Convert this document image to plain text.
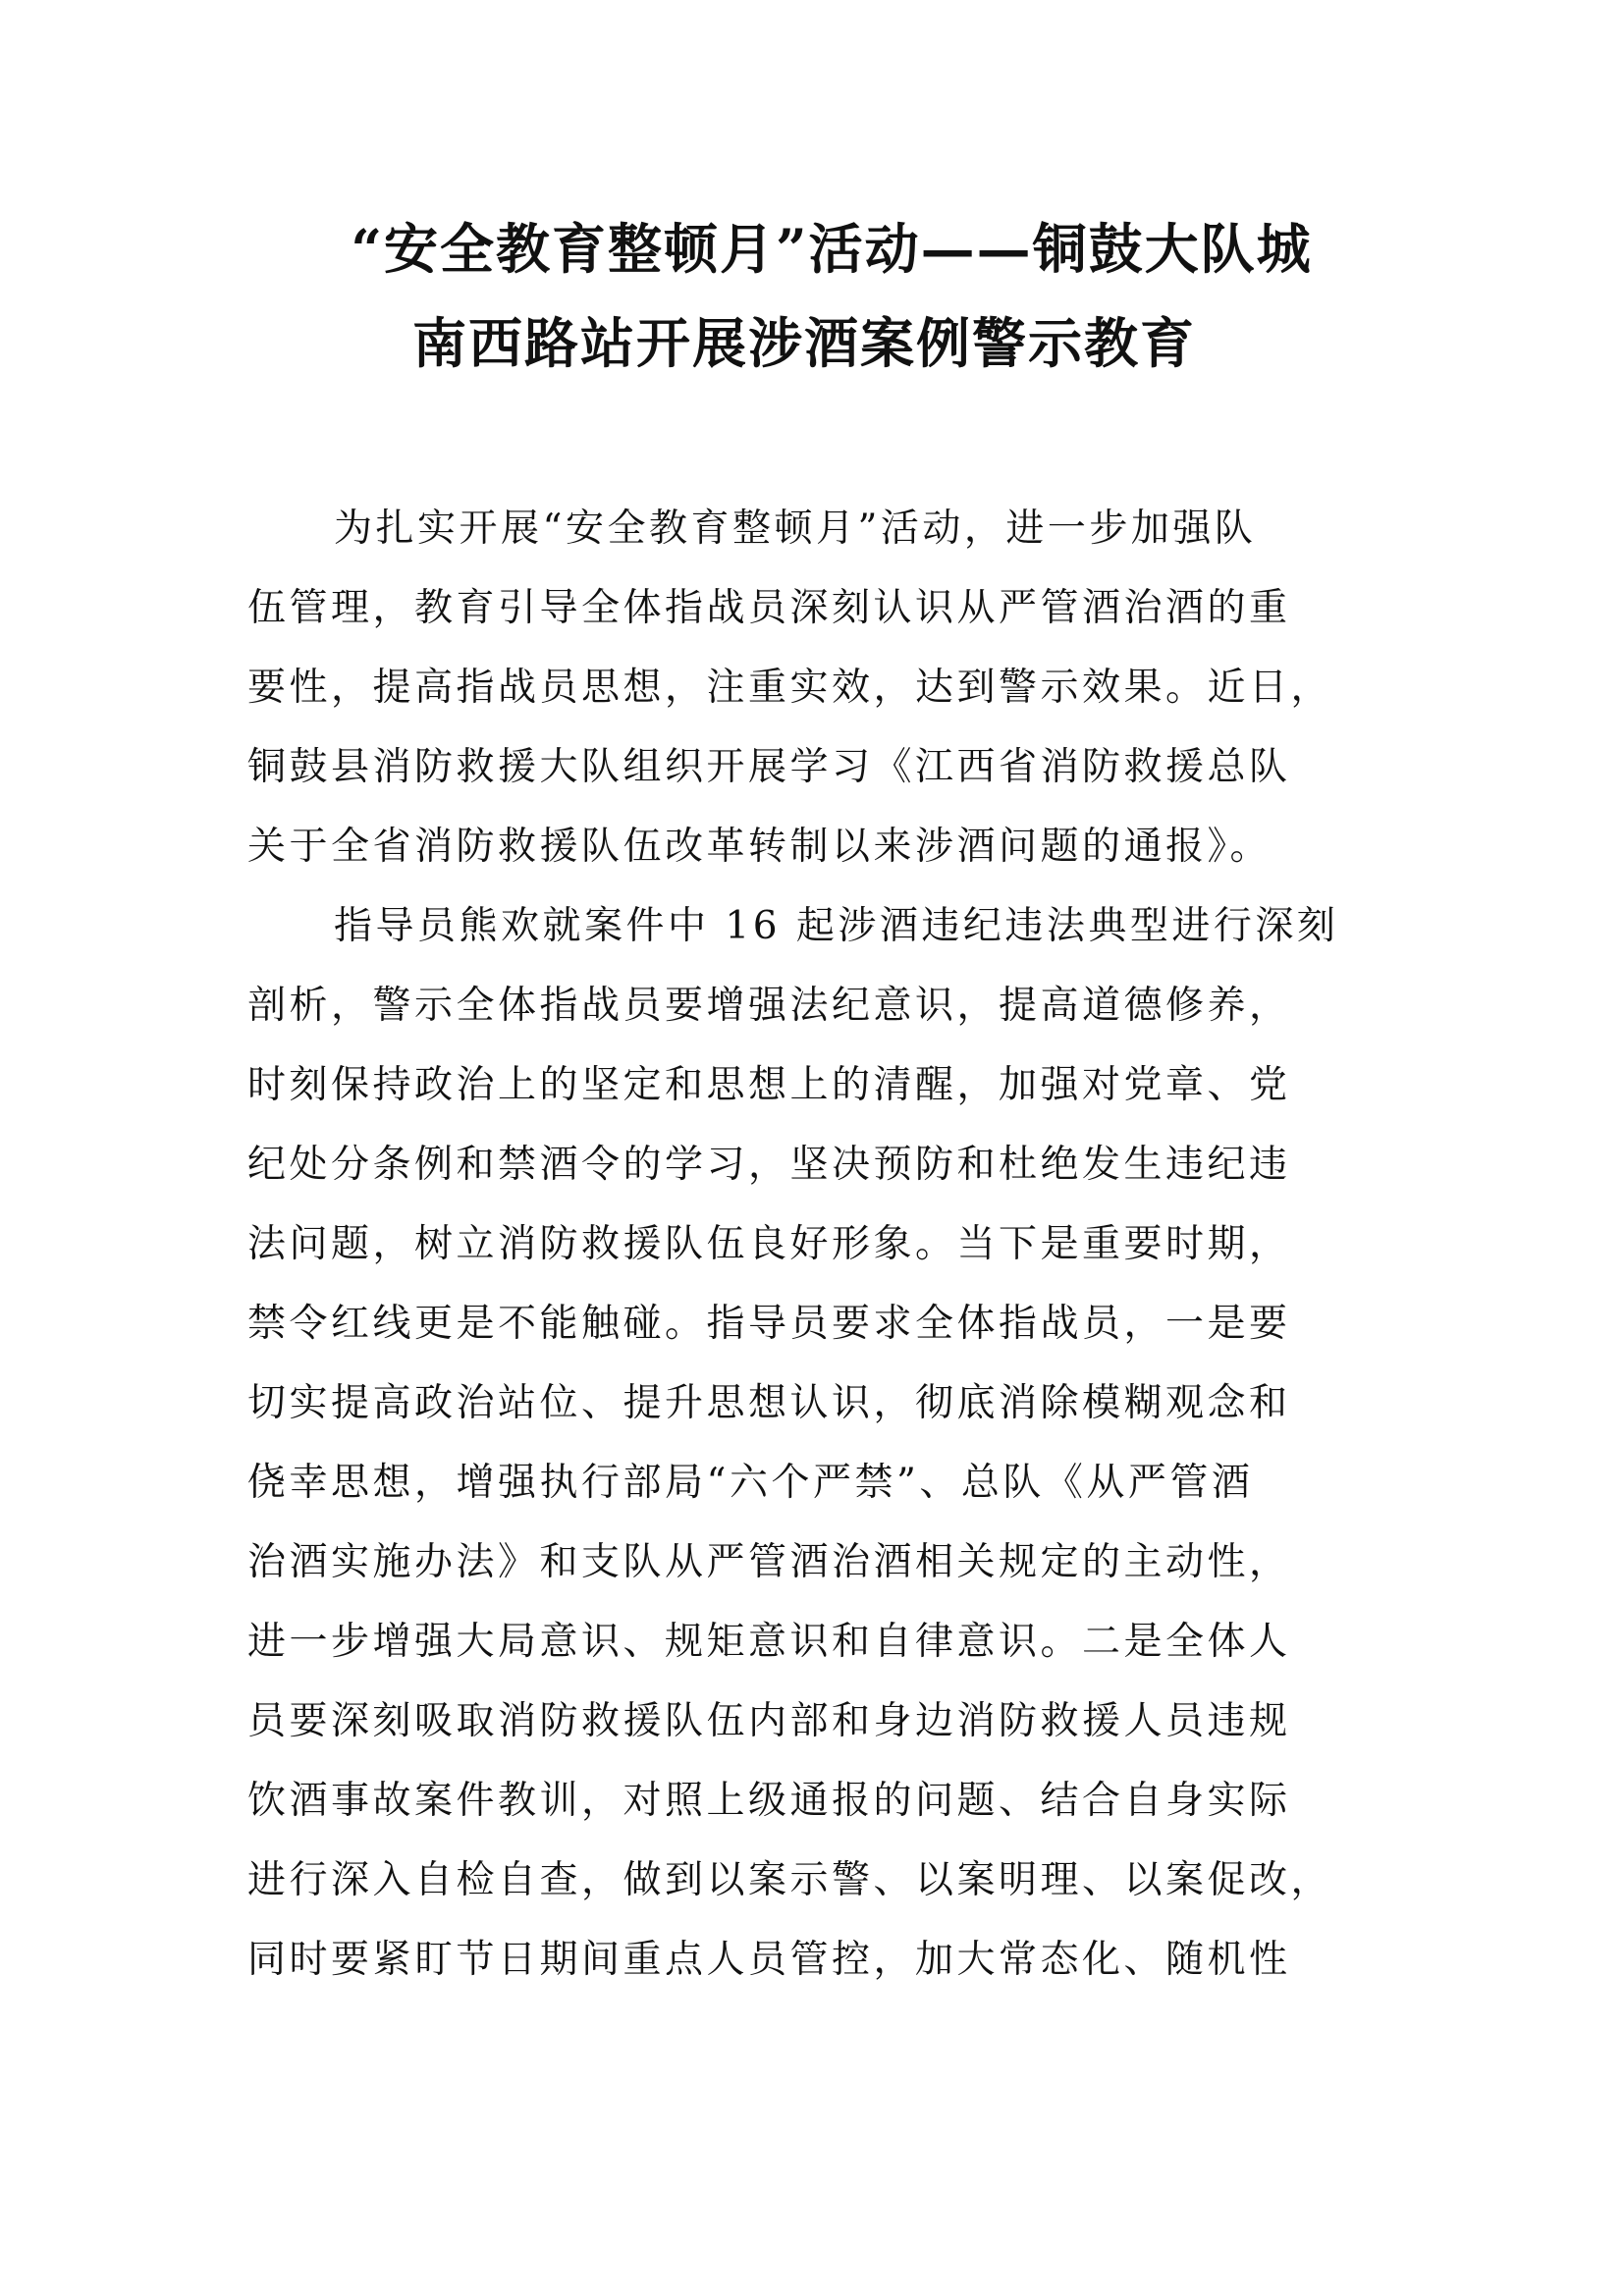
“安全教育整顿月”活动——铜鼓大队城
南西路站开展涉酒案例警示教育
为扎实开展“安全教育整顿月”活动，进一步加强队
伍管理，教育引导全体指战员深刻认识从严管酒治酒的重
要性，提高指战员思想，注重实效，达到警示效果。近日，
铜鼓县消防救援大队组织开展学习《江西省消防救援总队
关于全省消防救援队伍改革转制以来涉酒问题的通报》。
指导员熊欢就案件中 16 起涉酒违纪违法典型进行深刻
剖析，警示全体指战员要增强法纪意识，提高道德修养，
时刻保持政治上的坚定和思想上的清醒，加强对党章、党
纪处分条例和禁酒令的学习，坚决预防和杜绝发生违纪违
法问题，树立消防救援队伍良好形象。当下是重要时期，
禁令红线更是不能触碰。指导员要求全体指战员，一是要
切实提高政治站位、提升思想认识，彻底消除模糊观念和
侥幸思想，增强执行部局“六个严禁”、总队《从严管酒
治酒实施办法》和支队从严管酒治酒相关规定的主动性，
进一步增强大局意识、规矩意识和自律意识。二是全体人
员要深刻吸取消防救援队伍内部和身边消防救援人员违规
饮酒事故案件教训，对照上级通报的问题、结合自身实际
进行深入自检自查，做到以案示警、以案明理、以案促改，
同时要紧盯节日期间重点人员管控，加大常态化、随机性
